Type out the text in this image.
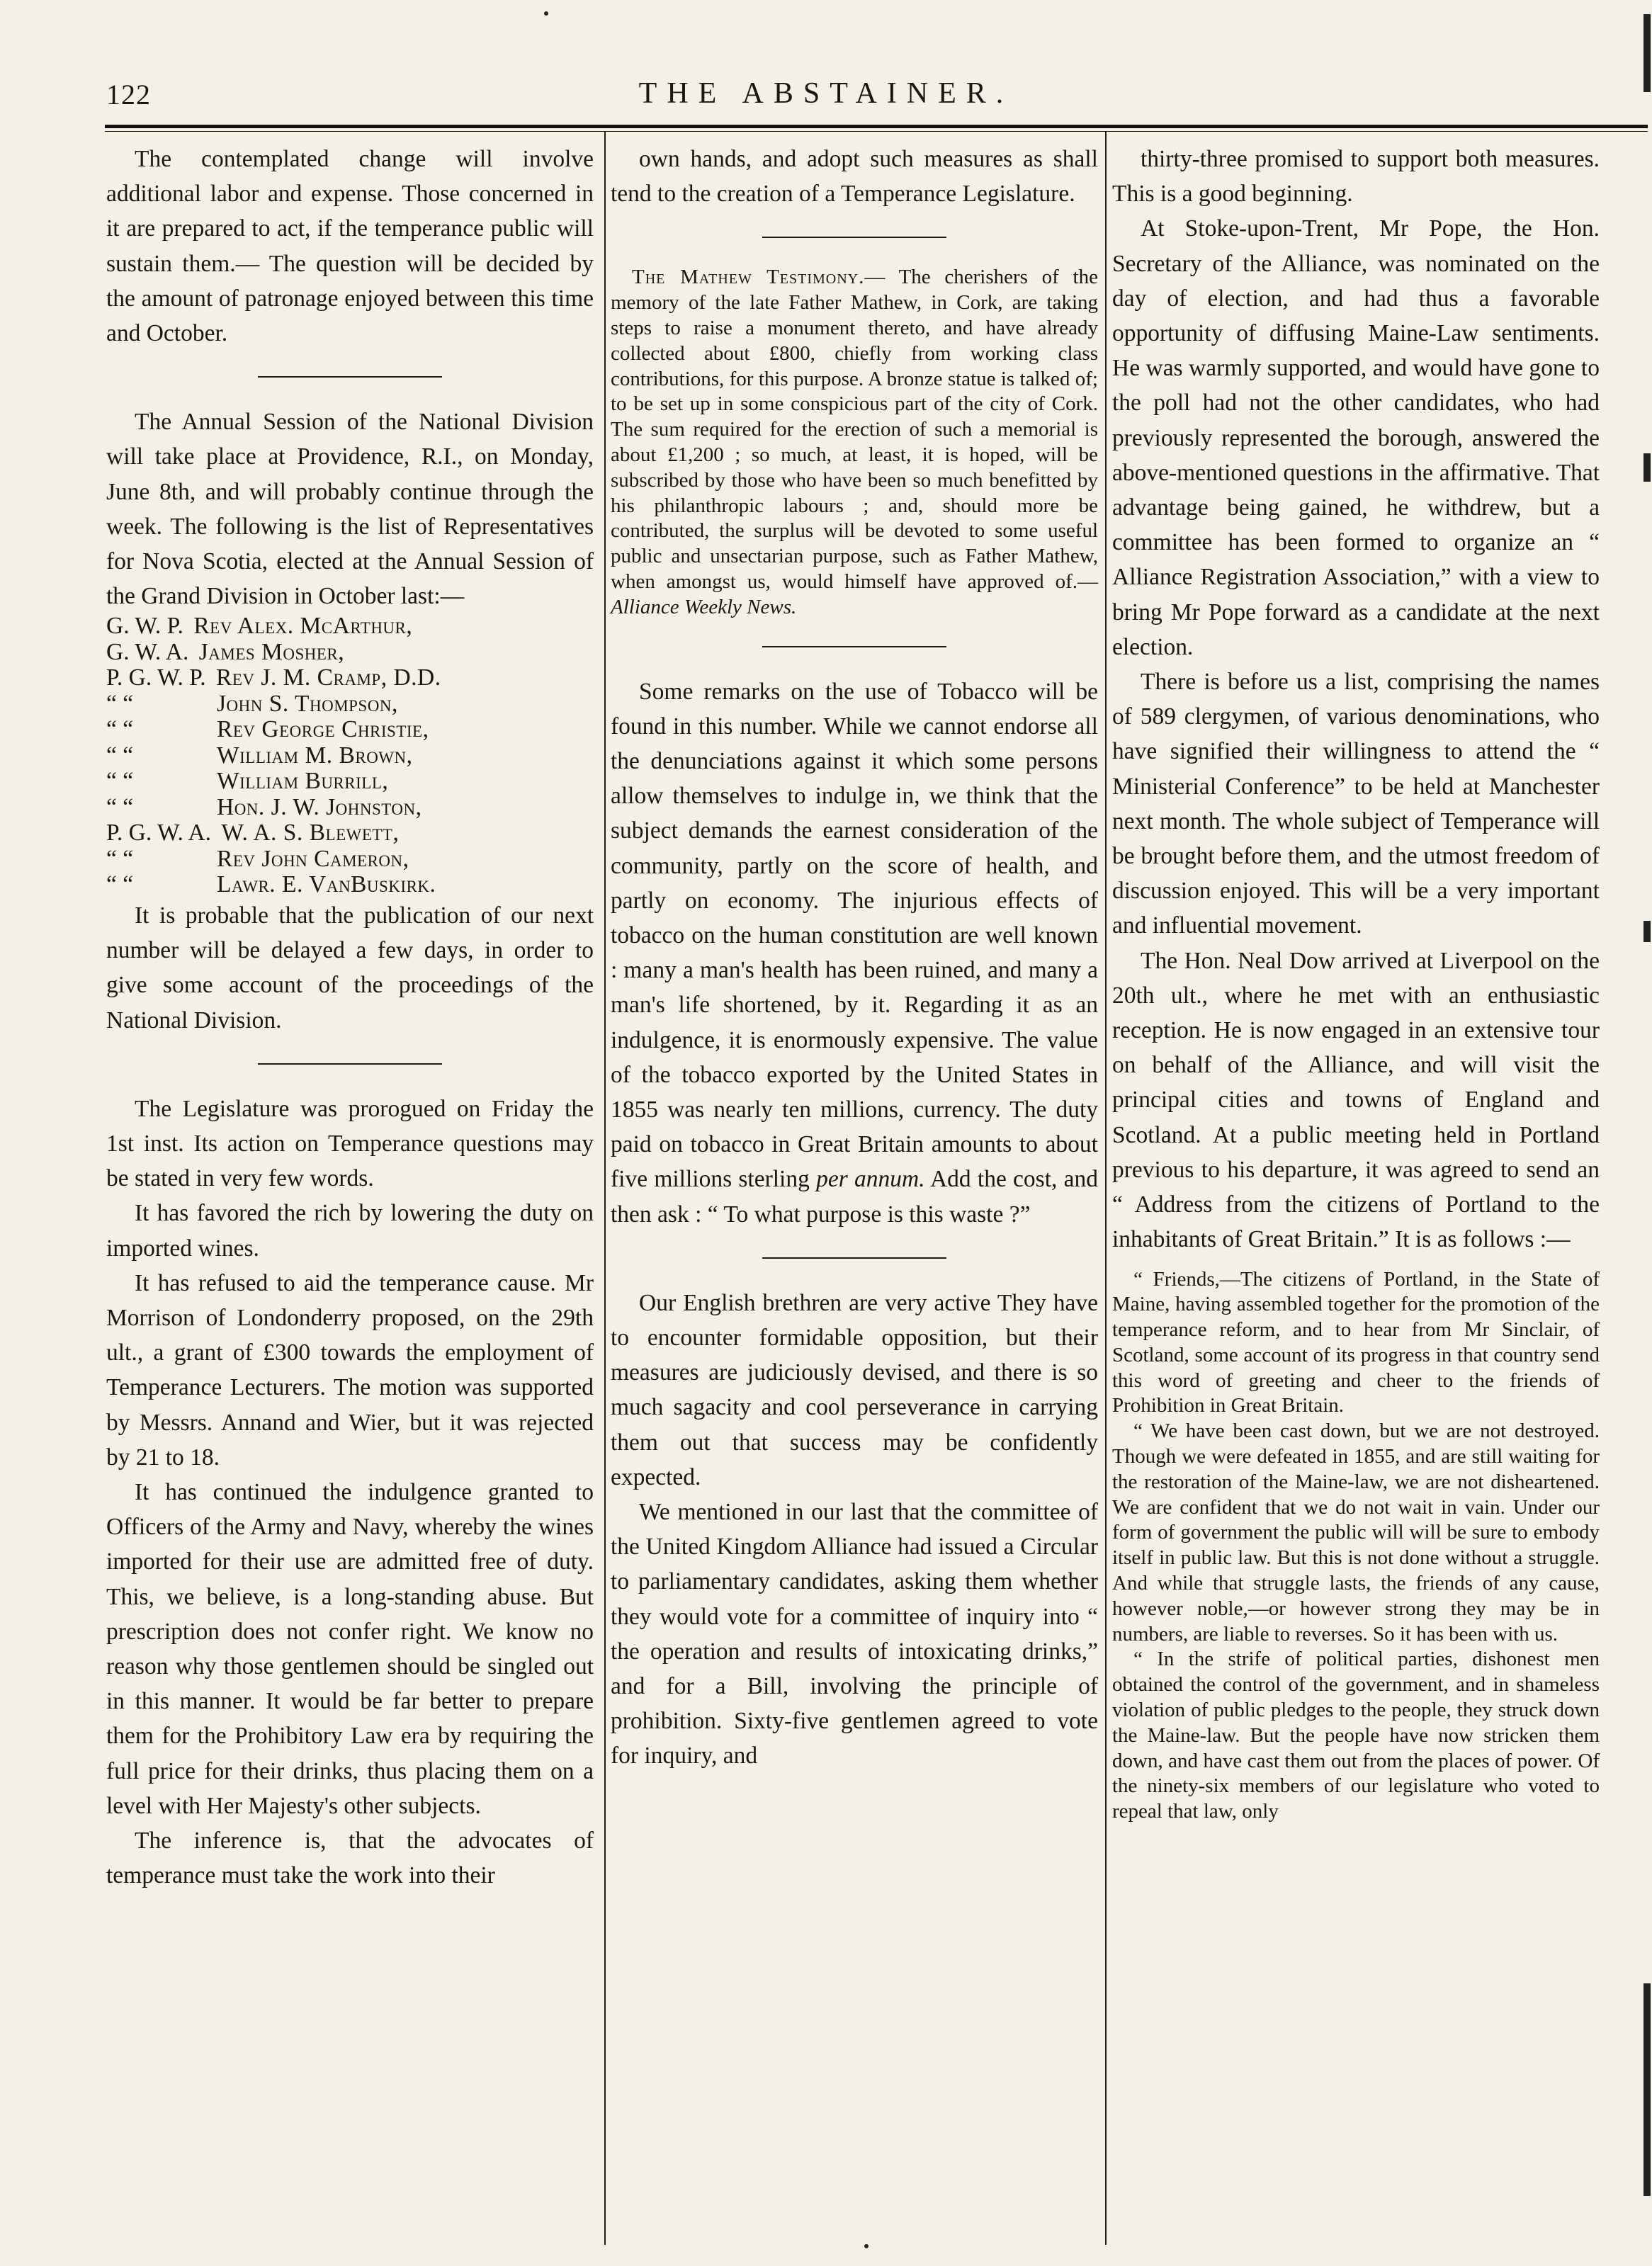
122	THE ABSTAINER.

The contemplated change will involve additional labor and expense. Those concerned in it are prepared to act, if the temperance public will sustain them.— The question will be decided by the amount of patronage enjoyed between this time and October.

The Annual Session of the National Division will take place at Providence, R.I., on Monday, June 8th, and will probably continue through the week. The following is the list of Representatives for Nova Scotia, elected at the Annual Session of the Grand Division in October last:—

G. W. P. Rev Alex. McArthur,
G. W. A. James Mosher,
P. G. W. P. Rev J. M. Cramp, D.D.
“ “	John S. Thompson,
“ “	Rev George Christie,
“ “	William M. Brown,
“ “	William Burrill,
“ “	Hon. J. W. Johnston,
P. G. W. A. W. A. S. Blewett,
“ “	Rev John Cameron,
“ “	Lawr. E. VanBuskirk.

It is probable that the publication of our next number will be delayed a few days, in order to give some account of the proceedings of the National Division.

The Legislature was prorogued on Friday the 1st inst. Its action on Temperance questions may be stated in very few words.

It has favored the rich by lowering the duty on imported wines.

It has refused to aid the temperance cause. Mr Morrison of Londonderry proposed, on the 29th ult., a grant of £300 towards the employment of Temperance Lecturers. The motion was supported by Messrs. Annand and Wier, but it was rejected by 21 to 18.

It has continued the indulgence granted to Officers of the Army and Navy, whereby the wines imported for their use are admitted free of duty. This, we believe, is a long-standing abuse. But prescription does not confer right. We know no reason why those gentlemen should be singled out in this manner. It would be far better to prepare them for the Prohibitory Law era by requiring the full price for their drinks, thus placing them on a level with Her Majesty's other subjects.

The inference is, that the advocates of temperance must take the work into their

own hands, and adopt such measures as shall tend to the creation of a Temperance Legislature.

The Mathew Testimony.— The cherishers of the memory of the late Father Mathew, in Cork, are taking steps to raise a monument thereto, and have already collected about £800, chiefly from working class contributions, for this purpose. A bronze statue is talked of; to be set up in some conspicious part of the city of Cork. The sum required for the erection of such a memorial is about £1,200 ; so much, at least, it is hoped, will be subscribed by those who have been so much benefitted by his philanthropic labours ; and, should more be contributed, the surplus will be devoted to some useful public and unsectarian purpose, such as Father Mathew, when amongst us, would himself have approved of.—Alliance Weekly News.

Some remarks on the use of Tobacco will be found in this number. While we cannot endorse all the denunciations against it which some persons allow themselves to indulge in, we think that the subject demands the earnest consideration of the community, partly on the score of health, and partly on economy. The injurious effects of tobacco on the human constitution are well known : many a man's health has been ruined, and many a man's life shortened, by it. Regarding it as an indulgence, it is enormously expensive. The value of the tobacco exported by the United States in 1855 was nearly ten millions, currency. The duty paid on tobacco in Great Britain amounts to about five millions sterling per annum. Add the cost, and then ask : “ To what purpose is this waste ?”

Our English brethren are very active They have to encounter formidable opposition, but their measures are judiciously devised, and there is so much sagacity and cool perseverance in carrying them out that success may be confidently expected.

We mentioned in our last that the committee of the United Kingdom Alliance had issued a Circular to parliamentary candidates, asking them whether they would vote for a committee of inquiry into “ the operation and results of intoxicating drinks,” and for a Bill, involving the principle of prohibition. Sixty-five gentlemen agreed to vote for inquiry, and

thirty-three promised to support both measures. This is a good beginning.

At Stoke-upon-Trent, Mr Pope, the Hon. Secretary of the Alliance, was nominated on the day of election, and had thus a favorable opportunity of diffusing Maine-Law sentiments. He was warmly supported, and would have gone to the poll had not the other candidates, who had previously represented the borough, answered the above-mentioned questions in the affirmative. That advantage being gained, he withdrew, but a committee has been formed to organize an “ Alliance Registration Association,” with a view to bring Mr Pope forward as a candidate at the next election.

There is before us a list, comprising the names of 589 clergymen, of various denominations, who have signified their willingness to attend the “ Ministerial Conference” to be held at Manchester next month. The whole subject of Temperance will be brought before them, and the utmost freedom of discussion enjoyed. This will be a very important and influential movement.

The Hon. Neal Dow arrived at Liverpool on the 20th ult., where he met with an enthusiastic reception. He is now engaged in an extensive tour on behalf of the Alliance, and will visit the principal cities and towns of England and Scotland. At a public meeting held in Portland previous to his departure, it was agreed to send an “ Address from the citizens of Portland to the inhabitants of Great Britain.” It is as follows :—

“ Friends,—The citizens of Portland, in the State of Maine, having assembled together for the promotion of the temperance reform, and to hear from Mr Sinclair, of Scotland, some account of its progress in that country send this word of greeting and cheer to the friends of Prohibition in Great Britain.

“ We have been cast down, but we are not destroyed. Though we were defeated in 1855, and are still waiting for the restoration of the Maine-law, we are not disheartened. We are confident that we do not wait in vain. Under our form of government the public will will be sure to embody itself in public law. But this is not done without a struggle. And while that struggle lasts, the friends of any cause, however noble,—or however strong they may be in numbers, are liable to reverses. So it has been with us.

“ In the strife of political parties, dishonest men obtained the control of the government, and in shameless violation of public pledges to the people, they struck down the Maine-law. But the people have now stricken them down, and have cast them out from the places of power. Of the ninety-six members of our legislature who voted to repeal that law, only
